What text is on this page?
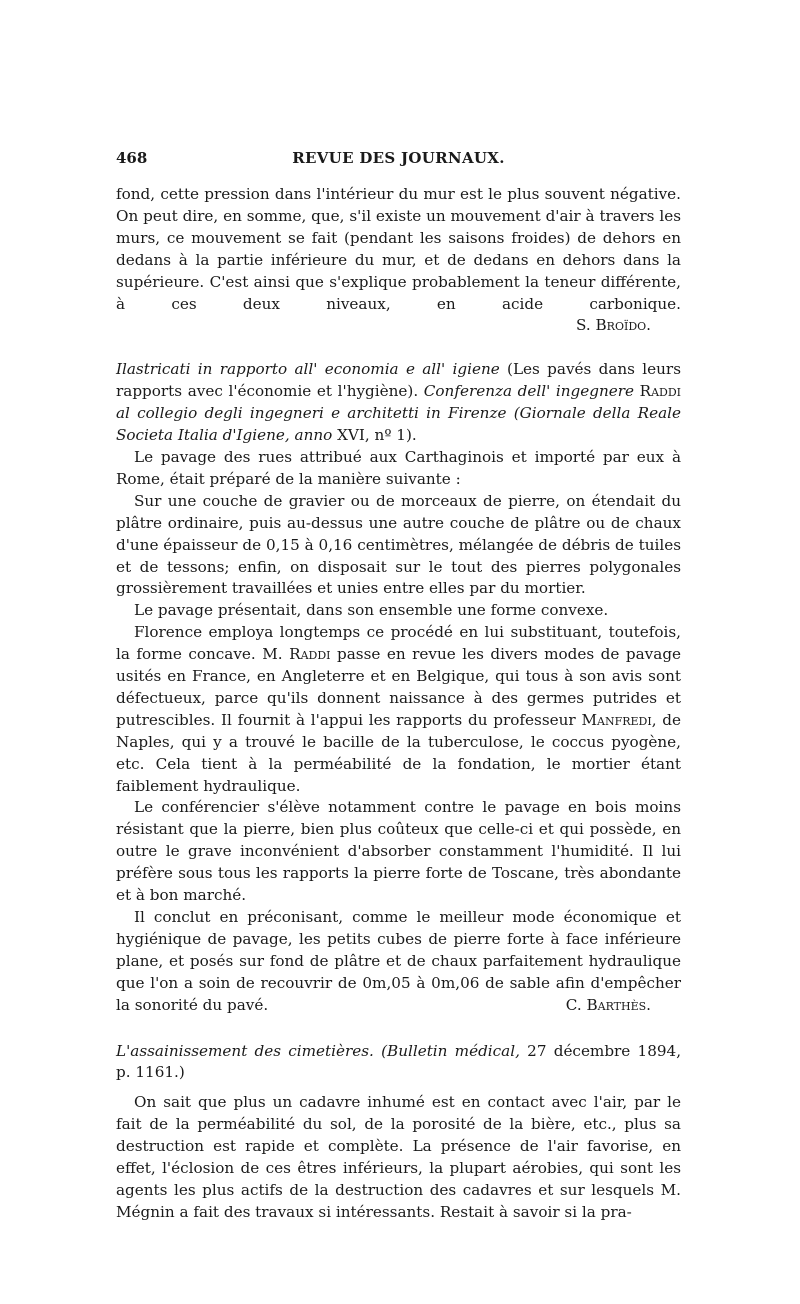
468	REVUE DES JOURNAUX.

fond, cette pression dans l'intérieur du mur est le plus souvent négative. On peut dire, en somme, que, s'il existe un mouvement d'air à travers les murs, ce mouvement se fait (pendant les saisons froides) de dehors en dedans à la partie inférieure du mur, et de dedans en dehors dans la supérieure. C'est ainsi que s'explique probablement la teneur différente, à ces deux niveaux, en acide carbonique.

S. Broïdo.

Ilastricati in rapporto all' economia e all' igiene (Les pavés dans leurs rapports avec l'économie et l'hygiène). Conferenza dell' ingegnere Raddi al collegio degli ingegneri e architetti in Firenze (Giornale della Reale Societa Italia d'Igiene, anno XVI, nº 1).

Le pavage des rues attribué aux Carthaginois et importé par eux à Rome, était préparé de la manière suivante :

Sur une couche de gravier ou de morceaux de pierre, on étendait du plâtre ordinaire, puis au-dessus une autre couche de plâtre ou de chaux d'une épaisseur de 0,15 à 0,16 centimètres, mélangée de débris de tuiles et de tessons; enfin, on disposait sur le tout des pierres polygonales grossièrement travaillées et unies entre elles par du mortier.

Le pavage présentait, dans son ensemble une forme convexe.

Florence employa longtemps ce procédé en lui substituant, toutefois, la forme concave. M. Raddi passe en revue les divers modes de pavage usités en France, en Angleterre et en Belgique, qui tous à son avis sont défectueux, parce qu'ils donnent naissance à des germes putrides et putrescibles. Il fournit à l'appui les rapports du professeur Manfredi, de Naples, qui y a trouvé le bacille de la tuberculose, le coccus pyogène, etc. Cela tient à la perméabilité de la fondation, le mortier étant faiblement hydraulique.

Le conférencier s'élève notamment contre le pavage en bois moins résistant que la pierre, bien plus coûteux que celle-ci et qui possède, en outre le grave inconvénient d'absorber constamment l'humidité. Il lui préfère sous tous les rapports la pierre forte de Toscane, très abondante et à bon marché.

Il conclut en préconisant, comme le meilleur mode économique et hygiénique de pavage, les petits cubes de pierre forte à face inférieure plane, et posés sur fond de plâtre et de chaux parfaitement hydraulique que l'on a soin de recouvrir de 0m,05 à 0m,06 de sable afin d'empêcher la sonorité du pavé.	C. Barthès.

L'assainissement des cimetières. (Bulletin médical, 27 décembre 1894, p. 1161.)

On sait que plus un cadavre inhumé est en contact avec l'air, par le fait de la perméabilité du sol, de la porosité de la bière, etc., plus sa destruction est rapide et complète. La présence de l'air favorise, en effet, l'éclosion de ces êtres inférieurs, la plupart aérobies, qui sont les agents les plus actifs de la destruction des cadavres et sur lesquels M. Mégnin a fait des travaux si intéressants. Restait à savoir si la pra-
